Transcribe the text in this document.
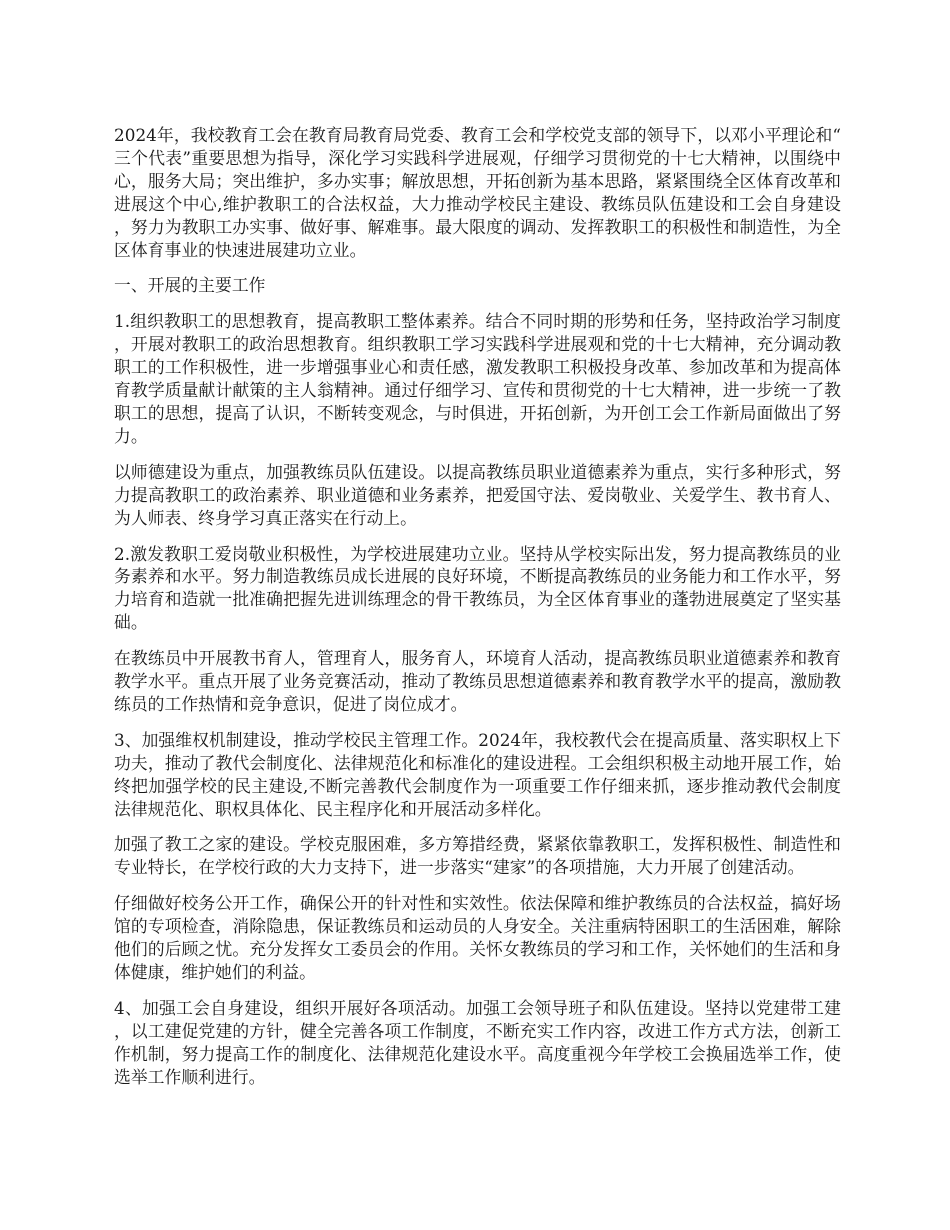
2024年，我校教育工会在教育局教育局党委、教育工会和学校党支部的领导下，以邓小平理论和“三个代表”重要思想为指导，深化学习实践科学进展观，仔细学习贯彻党的十七大精神，以围绕中心，服务大局；突出维护，多办实事；解放思想，开拓创新为基本思路，紧紧围绕全区体育改革和进展这个中心,维护教职工的合法权益，大力推动学校民主建设、教练员队伍建设和工会自身建设，努力为教职工办实事、做好事、解难事。最大限度的调动、发挥教职工的积极性和制造性，为全区体育事业的快速进展建功立业。

一、开展的主要工作

1.组织教职工的思想教育，提高教职工整体素养。结合不同时期的形势和任务，坚持政治学习制度，开展对教职工的政治思想教育。组织教职工学习实践科学进展观和党的十七大精神，充分调动教职工的工作积极性，进一步增强事业心和责任感，激发教职工积极投身改革、参加改革和为提高体育教学质量献计献策的主人翁精神。通过仔细学习、宣传和贯彻党的十七大精神，进一步统一了教职工的思想，提高了认识，不断转变观念，与时俱进，开拓创新，为开创工会工作新局面做出了努力。

以师德建设为重点，加强教练员队伍建设。以提高教练员职业道德素养为重点，实行多种形式，努力提高教职工的政治素养、职业道德和业务素养，把爱国守法、爱岗敬业、关爱学生、教书育人、为人师表、终身学习真正落实在行动上。

2.激发教职工爱岗敬业积极性，为学校进展建功立业。坚持从学校实际出发，努力提高教练员的业务素养和水平。努力制造教练员成长进展的良好环境，不断提高教练员的业务能力和工作水平，努力培育和造就一批准确把握先进训练理念的骨干教练员，为全区体育事业的蓬勃进展奠定了坚实基础。

在教练员中开展教书育人，管理育人，服务育人，环境育人活动，提高教练员职业道德素养和教育教学水平。重点开展了业务竞赛活动，推动了教练员思想道德素养和教育教学水平的提高，激励教练员的工作热情和竞争意识，促进了岗位成才。

3、加强维权机制建设，推动学校民主管理工作。2024年，我校教代会在提高质量、落实职权上下功夫，推动了教代会制度化、法律规范化和标准化的建设进程。工会组织积极主动地开展工作，始终把加强学校的民主建设,不断完善教代会制度作为一项重要工作仔细来抓，逐步推动教代会制度法律规范化、职权具体化、民主程序化和开展活动多样化。

加强了教工之家的建设。学校克服困难，多方筹措经费，紧紧依靠教职工，发挥积极性、制造性和专业特长，在学校行政的大力支持下，进一步落实“建家”的各项措施，大力开展了创建活动。

仔细做好校务公开工作，确保公开的针对性和实效性。依法保障和维护教练员的合法权益，搞好场馆的专项检查，消除隐患，保证教练员和运动员的人身安全。关注重病特困职工的生活困难，解除他们的后顾之忧。充分发挥女工委员会的作用。关怀女教练员的学习和工作，关怀她们的生活和身体健康，维护她们的利益。

4、加强工会自身建设，组织开展好各项活动。加强工会领导班子和队伍建设。坚持以党建带工建，以工建促党建的方针，健全完善各项工作制度，不断充实工作内容，改进工作方式方法，创新工作机制，努力提高工作的制度化、法律规范化建设水平。高度重视今年学校工会换届选举工作，使选举工作顺利进行。
